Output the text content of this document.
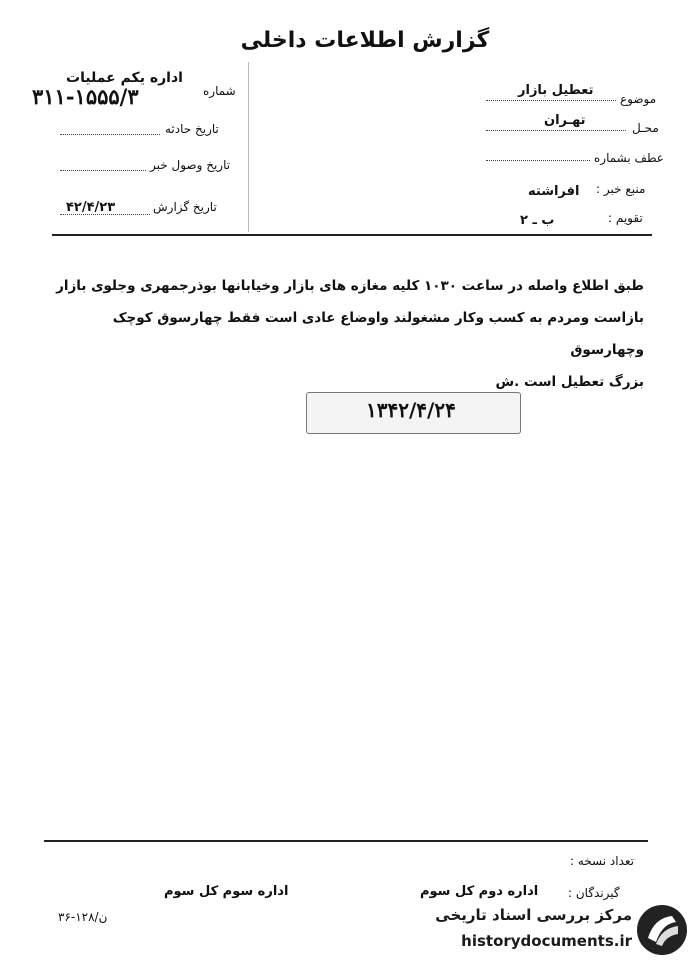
گزارش اطلاعات داخلی
اداره یکم عملیات
شماره
۳۱۱-۱۵۵۵/۳
تاریخ حادثه
تاریخ وصول خبر
تاریخ گزارش
۴۲/۴/۲۳
موضوع
تعطیل بازار
محـل
تهـران
عطف بشماره
منبع خبر :
افراشته
تقویم :
ب ـ ۲
طبق اطلاع واصله در ساعت ۱۰۳۰ کلیه مغازه های بازار وخیابانها بوذرجمهری وجلوی بازار
بازاست ومردم به کسب وکار مشغولند واوضاع عادی است فقط چهارسوق کوچک وچهارسوق
بزرگ تعطیل است .ش
۱۳۴۲/۴/۲۴
تعداد نسخه :
گیرندگان :
اداره دوم کل سوم
اداره سوم کل سوم
۳۶-۱۲۸/ن	مرکز بررسی اسناد تاریخی
historydocuments.ir
